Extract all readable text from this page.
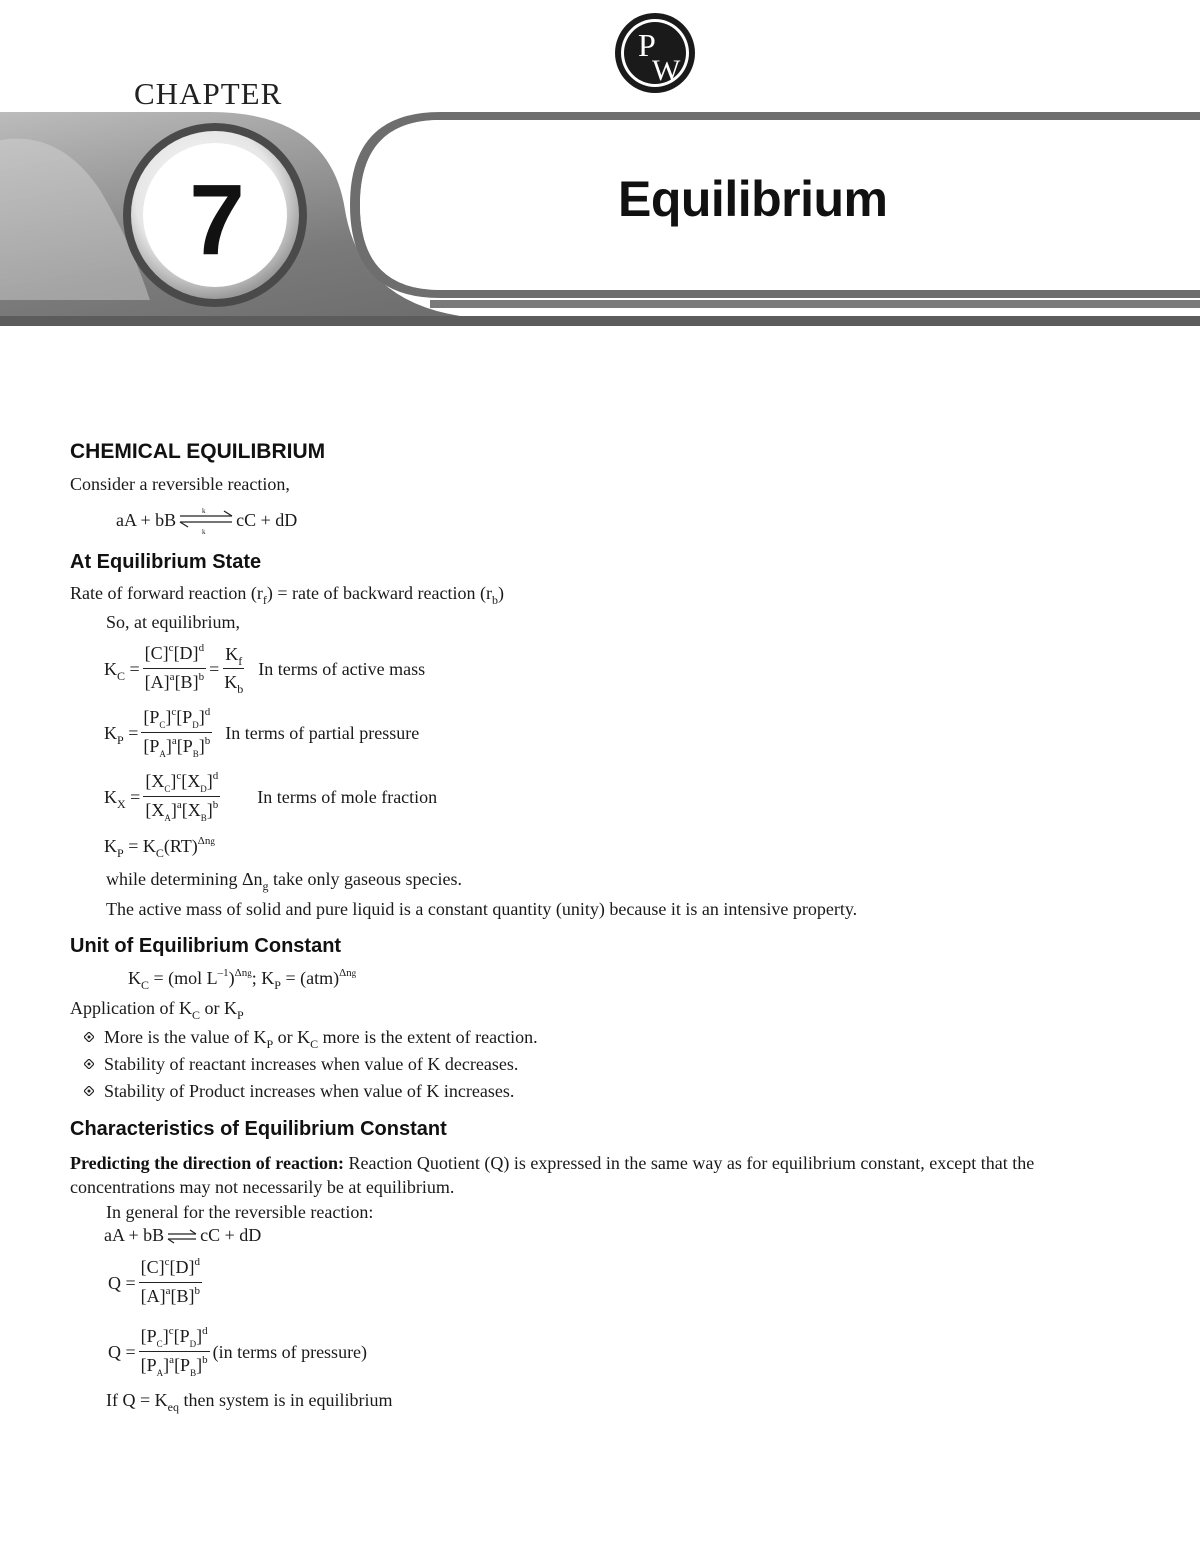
CHAPTER
7	Equilibrium
P
W
CHEMICAL EQUILIBRIUM
Consider a reversible reaction,
aA + bB	k
k
cC + dD
At Equilibrium State
Rate of forward reaction $(r_f)$ = rate of backward reaction $(r_b)$
So, at equilibrium,
$K_C = \frac{[C]^c[D]^d}{[A]^a[B]^b} = \frac{K_f}{K_b}$ In terms of active mass
$K_P = \frac{[P_C]^c[P_D]^d}{[P_A]^a[P_B]^b}$ In terms of partial pressure
$K_X = \frac{[X_C]^c[X_D]^d}{[X_A]^a[X_B]^b}$ In terms of mole fraction
$K_P = K_C(RT)^{\Delta ng}$
while determining $\Delta n_g$ take only gaseous species.
The active mass of solid and pure liquid is a constant quantity (unity) because it is an intensive property.
Unit of Equilibrium Constant
$K_C = (mol$ $L^{-1})^{\Delta ng}$; $K_P = (atm)^{\Delta ng}$
Application of $K_C$ or $K_P$
More is the value of $K_P$ or $K_C$ more is the extent of reaction.
Stability of reactant increases when value of K decreases.
Stability of Product increases when value of K increases.
Characteristics of Equilibrium Constant
Predicting the direction of reaction: Reaction Quotient (Q) is expressed in the same way as for equilibrium constant, except that the
concentrations may not necessarily be at equilibrium.
In general for the reversible reaction:
aA + bB ⇌ cC + dD
$Q = \frac{[C]^c[D]^d}{[A]^a[B]^b}$
$Q = \frac{[P_C]^c[P_D]^d}{[P_A]^a[P_B]^b} (in$ terms of pressure)
If $Q = K_{eq}$ then system is in equilibrium
